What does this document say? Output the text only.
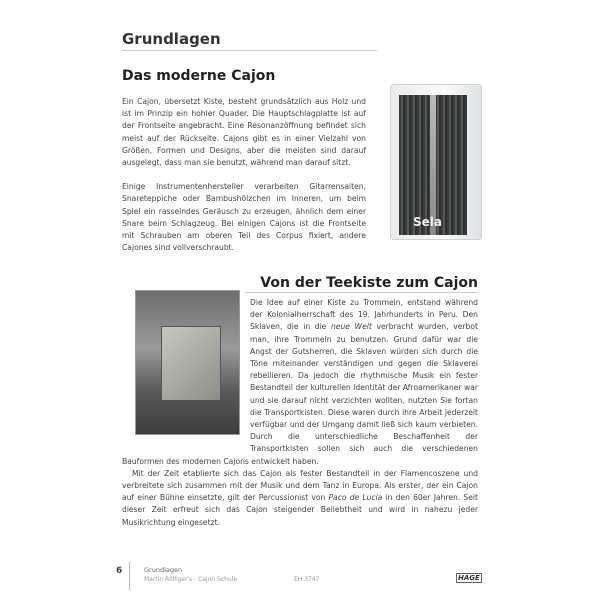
Grundlagen
Das moderne Cajon

Ein Cajon, übersetzt Kiste, besteht grundsätzlich aus Holz und ist im Prinzip ein hohler Quader. Die Hauptschlagplatte ist auf der Frontseite angebracht. Eine Resonanzöffnung befindet sich meist auf der Rückseite. Cajons gibt es in einer Vielzahl von Größen, Formen und Designs, aber die meisten sind darauf ausgelegt, dass man sie benutzt, während man darauf sitzt.

Einige Instrumentenhersteller verarbeiten Gitarrensaiten, Snareteppiche oder Bambushölzchen im Inneren, um beim Spiel ein rasselndes Geräusch zu erzeugen, ähnlich dem einer Snare beim Schlagzeug. Bei einigen Cajons ist die Frontseite mit Schrauben am oberen Teil des Corpus fixiert, andere Cajones sind vollverschraubt.

Sela
Von der Teekiste zum Cajon

Die Idee auf einer Kiste zu Trommeln, entstand während der Kolonialherrschaft des 19. Jahrhunderts in Peru. Den Sklaven, die in die neue Welt verbracht wurden, verbot man, ihre Trommeln zu benutzen. Grund dafür war die Angst der Gutsherren, die Sklaven würden sich durch die Töne miteinander verständigen und gegen die Sklaverei rebellieren. Da jedoch die rhythmische Musik ein fester Bestandteil der kulturellen Identität der Afroamerikaner war und sie darauf nicht verzichten wollten, nutzten Sie fortan die Transportkisten. Diese waren durch ihre Arbeit jederzeit verfügbar und der Umgang damit ließ sich kaum verbieten. Durch die unterschiedliche Beschaffenheit der Transportkisten sollen sich auch die verschiedenen Bauformen des modernen Cajons entwickelt haben.

Mit der Zeit etablierte sich das Cajon als fester Bestandteil in der Flamencoszene und verbreitete sich zusammen mit der Musik und dem Tanz in Europa. Als erster, der ein Cajon auf einer Bühne einsetzte, gilt der Percussionist von Paco de Lucia in den 60er Jahren. Seit dieser Zeit erfreut sich das Cajon steigender Beliebtheit und wird in nahezu jeder Musikrichtung eingesetzt.

6	Grundlagen
Martin Röttger's - Cajon Schule	EH 3747	HAGE
